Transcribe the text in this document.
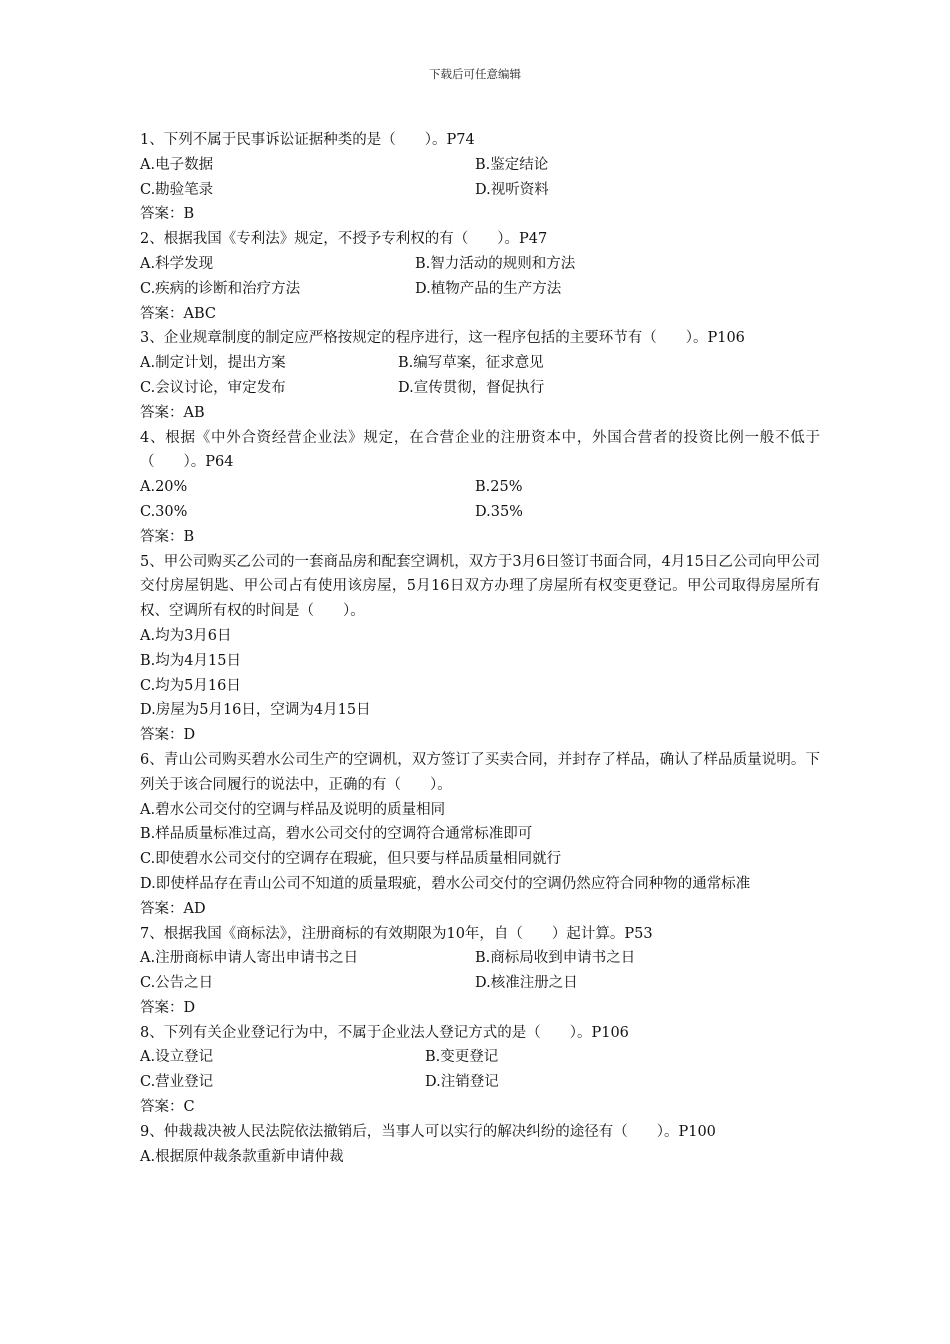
下载后可任意编辑
1、下列不属于民事诉讼证据种类的是（　　）。P74
A.电子数据	B.鉴定结论
C.勘验笔录	D.视听资料
答案：B
2、根据我国《专利法》规定，不授予专利权的有（　　）。P47
A.科学发现	B.智力活动的规则和方法
C.疾病的诊断和治疗方法	D.植物产品的生产方法
答案：ABC
3、企业规章制度的制定应严格按规定的程序进行，这一程序包括的主要环节有（　　）。P106
A.制定计划，提出方案	B.编写草案，征求意见
C.会议讨论，审定发布	D.宣传贯彻，督促执行
答案：AB
4、根据《中外合资经营企业法》规定，在合营企业的注册资本中，外国合营者的投资比例一般不低于（　　）。P64
A.20%	B.25%
C.30%	D.35%
答案：B
5、甲公司购买乙公司的一套商品房和配套空调机，双方于3月6日签订书面合同，4月15日乙公司向甲公司交付房屋钥匙、甲公司占有使用该房屋，5月16日双方办理了房屋所有权变更登记。甲公司取得房屋所有权、空调所有权的时间是（　　）。
A.均为3月6日
B.均为4月15日
C.均为5月16日
D.房屋为5月16日，空调为4月15日
答案：D
6、青山公司购买碧水公司生产的空调机，双方签订了买卖合同，并封存了样品，确认了样品质量说明。下列关于该合同履行的说法中，正确的有（　　）。
A.碧水公司交付的空调与样品及说明的质量相同
B.样品质量标准过高，碧水公司交付的空调符合通常标准即可
C.即使碧水公司交付的空调存在瑕疵，但只要与样品质量相同就行
D.即使样品存在青山公司不知道的质量瑕疵，碧水公司交付的空调仍然应符合同种物的通常标准
答案：AD
7、根据我国《商标法》，注册商标的有效期限为10年，自（　　）起计算。P53
A.注册商标申请人寄出申请书之日	B.商标局收到申请书之日
C.公告之日	D.核准注册之日
答案：D
8、下列有关企业登记行为中，不属于企业法人登记方式的是（　　）。P106
A.设立登记	B.变更登记
C.营业登记	D.注销登记
答案：C
9、仲裁裁决被人民法院依法撤销后，当事人可以实行的解决纠纷的途径有（　　）。P100
A.根据原仲裁条款重新申请仲裁
